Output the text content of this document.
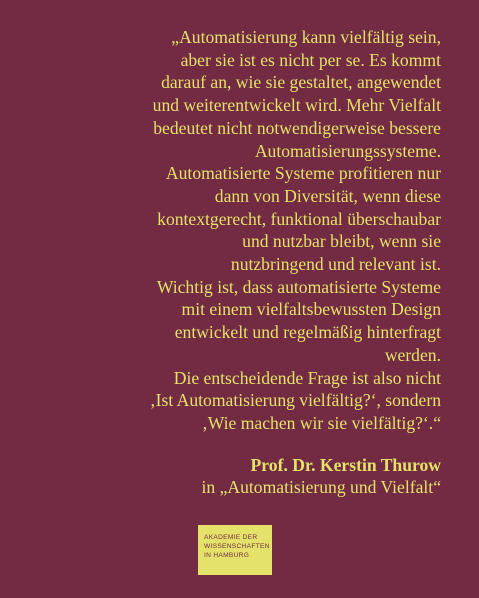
„Automatisierung kann vielfältig sein,
aber sie ist es nicht per se. Es kommt
darauf an, wie sie gestaltet, angewendet
und weiterentwickelt wird. Mehr Vielfalt
bedeutet nicht notwendigerweise bessere
Automatisierungssysteme.
Automatisierte Systeme profitieren nur
dann von Diversität, wenn diese
kontextgerecht, funktional überschaubar
und nutzbar bleibt, wenn sie
nutzbringend und relevant ist.
Wichtig ist, dass automatisierte Systeme
mit einem vielfaltsbewussten Design
entwickelt und regelmäßig hinterfragt
werden.
Die entscheidende Frage ist also nicht
‚Ist Automatisierung vielfältig?‘, sondern
‚Wie machen wir sie vielfältig?‘.“
Prof. Dr. Kerstin Thurow
in „Automatisierung und Vielfalt“
AKADEMIE DER
WISSENSCHAFTEN
IN HAMBURG
